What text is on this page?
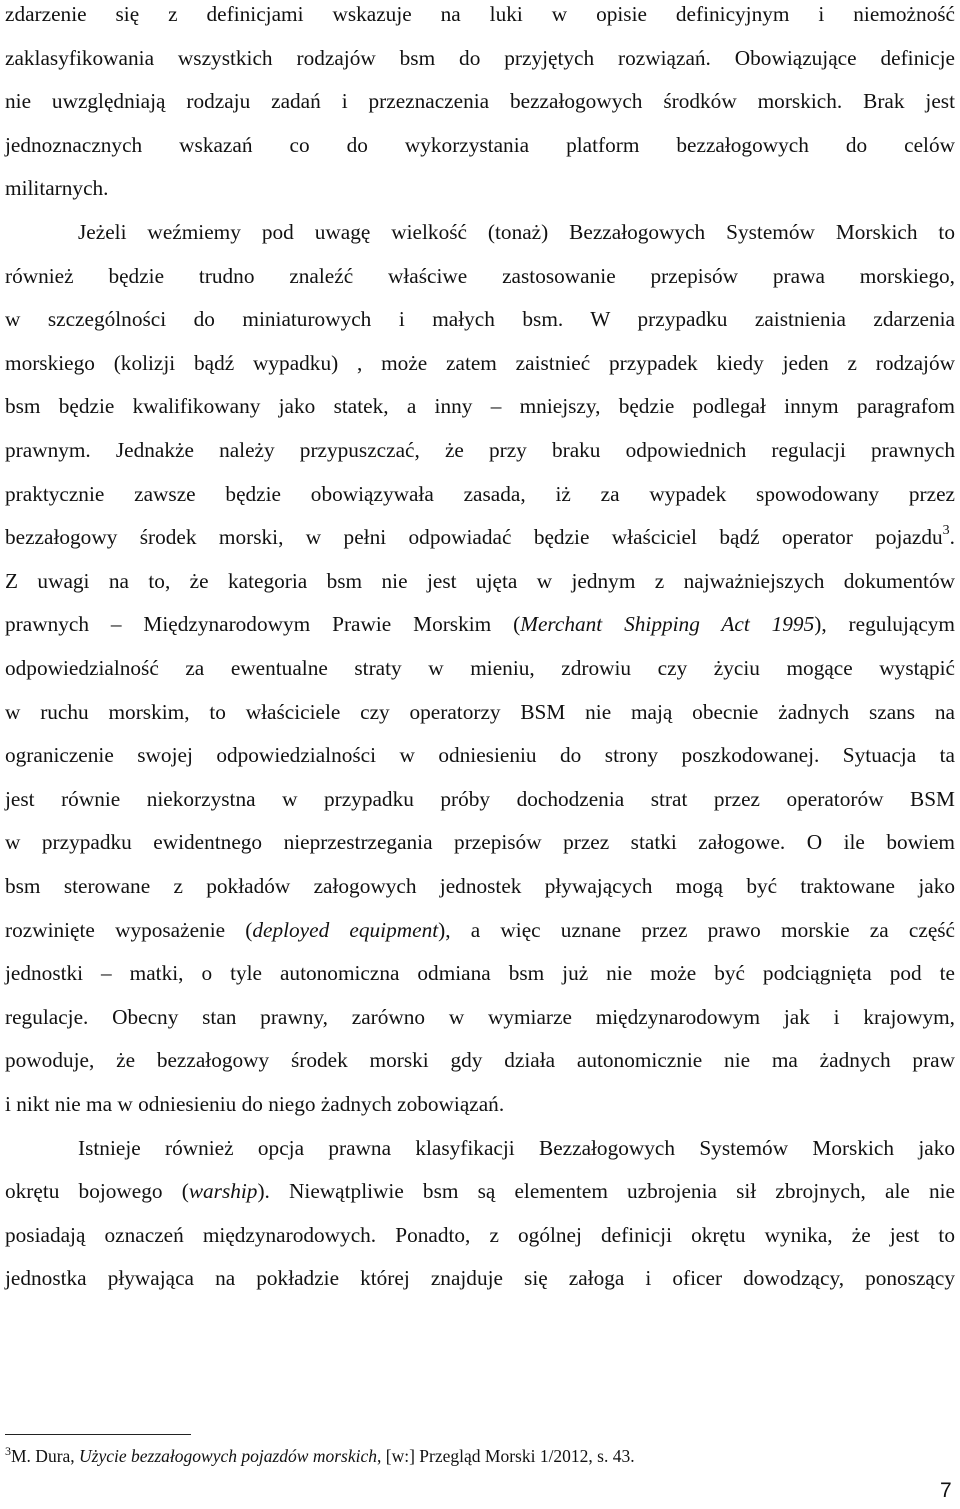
zdarzenie się z definicjami wskazuje na luki w opisie definicyjnym i niemożność
zaklasyfikowania wszystkich rodzajów bsm do przyjętych rozwiązań. Obowiązujące definicje
nie uwzględniają rodzaju zadań i przeznaczenia bezzałogowych środków morskich. Brak jest
jednoznacznych wskazań co do wykorzystania platform bezzałogowych do celów
militarnych.
Jeżeli weźmiemy pod uwagę wielkość (tonaż) Bezzałogowych Systemów Morskich to
również będzie trudno znaleźć właściwe zastosowanie przepisów prawa morskiego,
w szczególności do miniaturowych i małych bsm. W przypadku zaistnienia zdarzenia
morskiego (kolizji bądź wypadku) , może zatem zaistnieć przypadek kiedy jeden z rodzajów
bsm będzie kwalifikowany jako statek, a inny – mniejszy, będzie podlegał innym paragrafom
prawnym. Jednakże należy przypuszczać, że przy braku odpowiednich regulacji prawnych
praktycznie zawsze będzie obowiązywała zasada, iż za wypadek spowodowany przez
bezzałogowy środek morski, w pełni odpowiadać będzie właściciel bądź operator pojazdu$^3$.
Z uwagi na to, że kategoria bsm nie jest ujęta w jednym z najważniejszych dokumentów
prawnych – Międzynarodowym Prawie Morskim (Merchant Shipping Act 1995), regulującym
odpowiedzialność za ewentualne straty w mieniu, zdrowiu czy życiu mogące wystąpić
w ruchu morskim, to właściciele czy operatorzy BSM nie mają obecnie żadnych szans na
ograniczenie swojej odpowiedzialności w odniesieniu do strony poszkodowanej. Sytuacja ta
jest równie niekorzystna w przypadku próby dochodzenia strat przez operatorów BSM
w przypadku ewidentnego nieprzestrzegania przepisów przez statki załogowe. O ile bowiem
bsm sterowane z pokładów załogowych jednostek pływających mogą być traktowane jako
rozwinięte wyposażenie (deployed equipment), a więc uznane przez prawo morskie za część
jednostki – matki, o tyle autonomiczna odmiana bsm już nie może być podciągnięta pod te
regulacje. Obecny stan prawny, zarówno w wymiarze międzynarodowym jak i krajowym,
powoduje, że bezzałogowy środek morski gdy działa autonomicznie nie ma żadnych praw
i nikt nie ma w odniesieniu do niego żadnych zobowiązań.
Istnieje również opcja prawna klasyfikacji Bezzałogowych Systemów Morskich jako
okrętu bojowego (warship). Niewątpliwie bsm są elementem uzbrojenia sił zbrojnych, ale nie
posiadają oznaczeń międzynarodowych. Ponadto, z ogólnej definicji okrętu wynika, że jest to
jednostka pływająca na pokładzie której znajduje się załoga i oficer dowodzący, ponoszący
$^3$M. Dura, Użycie bezzałogowych pojazdów morskich, [w:] Przegląd Morski 1/2012, s. 43.
7
